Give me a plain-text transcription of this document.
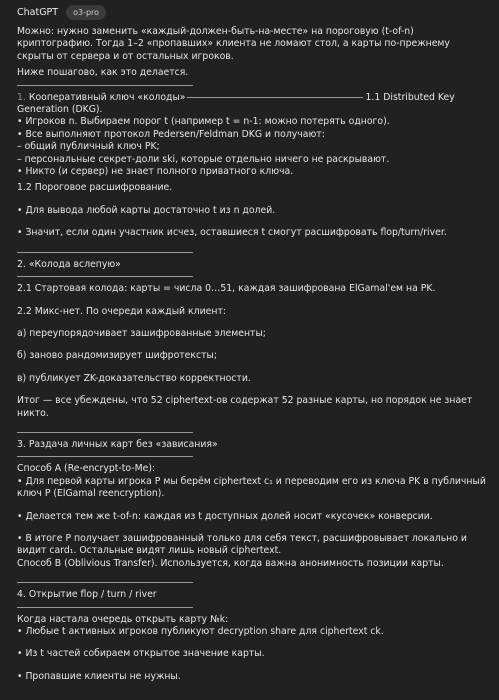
ChatGPT	o3-pro

Можно: нужно заменить «каждый-должен-быть-на-месте» на пороговую (t-of-n) криптографию. Тогда 1–2 «пропавших» клиента не ломают стол, а карты по-прежнему скрыты от сервера и от остальных игроков.

Ниже пошагово, как это делается.

1. Кооперативный ключ «колоды»	1.1 Distributed Key Generation (DKG).

• Игроков n. Выбираем порог t (например t = n-1: можно потерять одного).

• Все выполняют протокол Pedersen/Feldman DKG и получают:

– общий публичный ключ PK;

– персональные секрет-доли ski, которые отдельно ничего не раскрывают.

• Никто (и сервер) не знает полного приватного ключа.

1.2 Пороговое расшифрование.

• Для вывода любой карты достаточно t из n долей.

• Значит, если один участник исчез, оставшиеся t смогут расшифровать flop/turn/river.

2. «Колода вслепую»

2.1 Стартовая колода: карты = числа 0…51, каждая зашифрована ElGamal'ем на PK.

2.2 Микс-нет. По очереди каждый клиент:

а) переупорядочивает зашифрованные элементы;

б) заново рандомизирует шифротексты;

в) публикует ZK-доказательство корректности.

Итог — все убеждены, что 52 ciphertext-ов содержат 52 разные карты, но порядок не знает никто.

3. Раздача личных карт без «зависания»

Способ A (Re-encrypt-to-Me):

• Для первой карты игрока P мы берём ciphertext c₁ и переводим его из ключа PK в публичный ключ P (ElGamal reencryption).

• Делается тем же t-of-n: каждая из t доступных долей носит «кусочек» конверсии.

• В итоге P получает зашифрованный только для себя текст, расшифровывает локально и видит card₁. Остальные видят лишь новый ciphertext.

Способ B (Oblivious Transfer). Используется, когда важна анонимность позиции карты.

4. Открытие flop / turn / river

Когда настала очередь открыть карту №k:

• Любые t активных игроков публикуют decryption share для ciphertext ck.

• Из t частей собираем открытое значение карты.

• Пропавшие клиенты не нужны.
